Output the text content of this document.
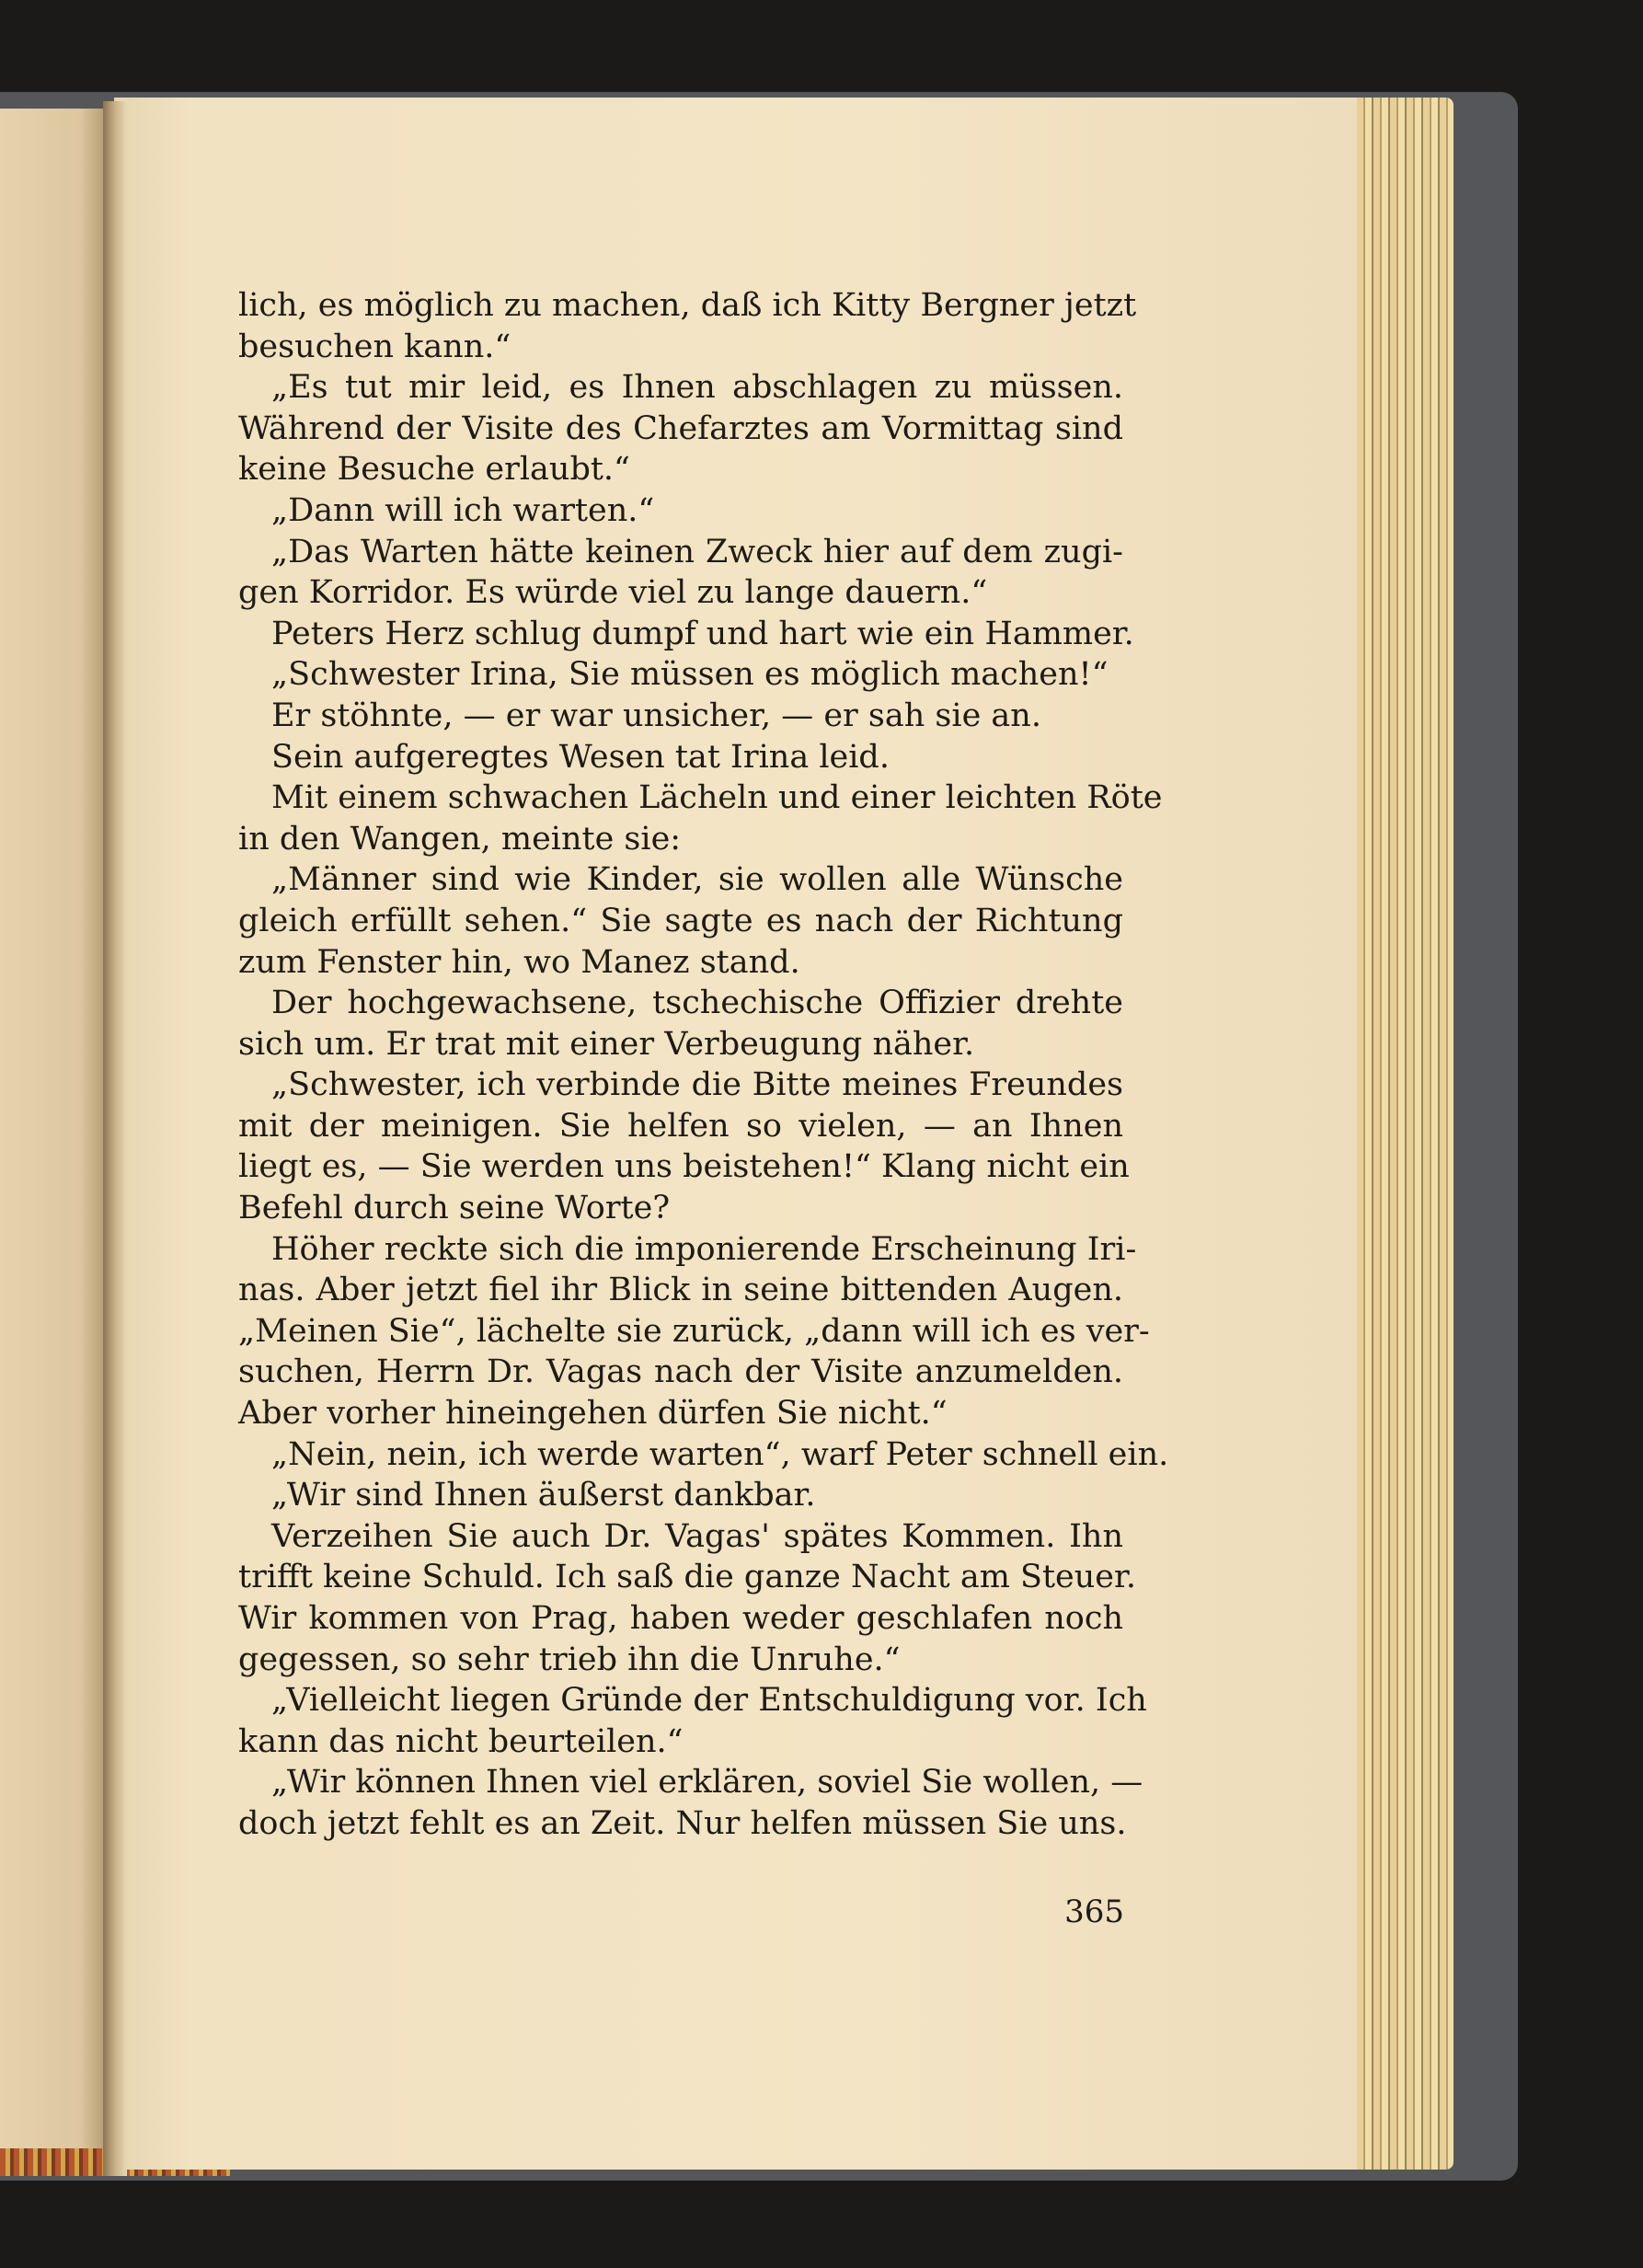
lich, es möglich zu machen, daß ich Kitty Bergner jetzt
besuchen kann.“
„Es tut mir leid, es Ihnen abschlagen zu müssen.
Während der Visite des Chefarztes am Vormittag sind
keine Besuche erlaubt.“
„Dann will ich warten.“
„Das Warten hätte keinen Zweck hier auf dem zugi-
gen Korridor. Es würde viel zu lange dauern.“
Peters Herz schlug dumpf und hart wie ein Hammer.
„Schwester Irina, Sie müssen es möglich machen!“
Er stöhnte, — er war unsicher, — er sah sie an.
Sein aufgeregtes Wesen tat Irina leid.
Mit einem schwachen Lächeln und einer leichten Röte
in den Wangen, meinte sie:
„Männer sind wie Kinder, sie wollen alle Wünsche
gleich erfüllt sehen.“ Sie sagte es nach der Richtung
zum Fenster hin, wo Manez stand.
Der hochgewachsene, tschechische Offizier drehte
sich um. Er trat mit einer Verbeugung näher.
„Schwester, ich verbinde die Bitte meines Freundes
mit der meinigen. Sie helfen so vielen, — an Ihnen
liegt es, — Sie werden uns beistehen!“ Klang nicht ein
Befehl durch seine Worte?
Höher reckte sich die imponierende Erscheinung Iri-
nas. Aber jetzt fiel ihr Blick in seine bittenden Augen.
„Meinen Sie“, lächelte sie zurück, „dann will ich es ver-
suchen, Herrn Dr. Vagas nach der Visite anzumelden.
Aber vorher hineingehen dürfen Sie nicht.“
„Nein, nein, ich werde warten“, warf Peter schnell ein.
„Wir sind Ihnen äußerst dankbar.
Verzeihen Sie auch Dr. Vagas' spätes Kommen. Ihn
trifft keine Schuld. Ich saß die ganze Nacht am Steuer.
Wir kommen von Prag, haben weder geschlafen noch
gegessen, so sehr trieb ihn die Unruhe.“
„Vielleicht liegen Gründe der Entschuldigung vor. Ich
kann das nicht beurteilen.“
„Wir können Ihnen viel erklären, soviel Sie wollen, —
doch jetzt fehlt es an Zeit. Nur helfen müssen Sie uns.
365
